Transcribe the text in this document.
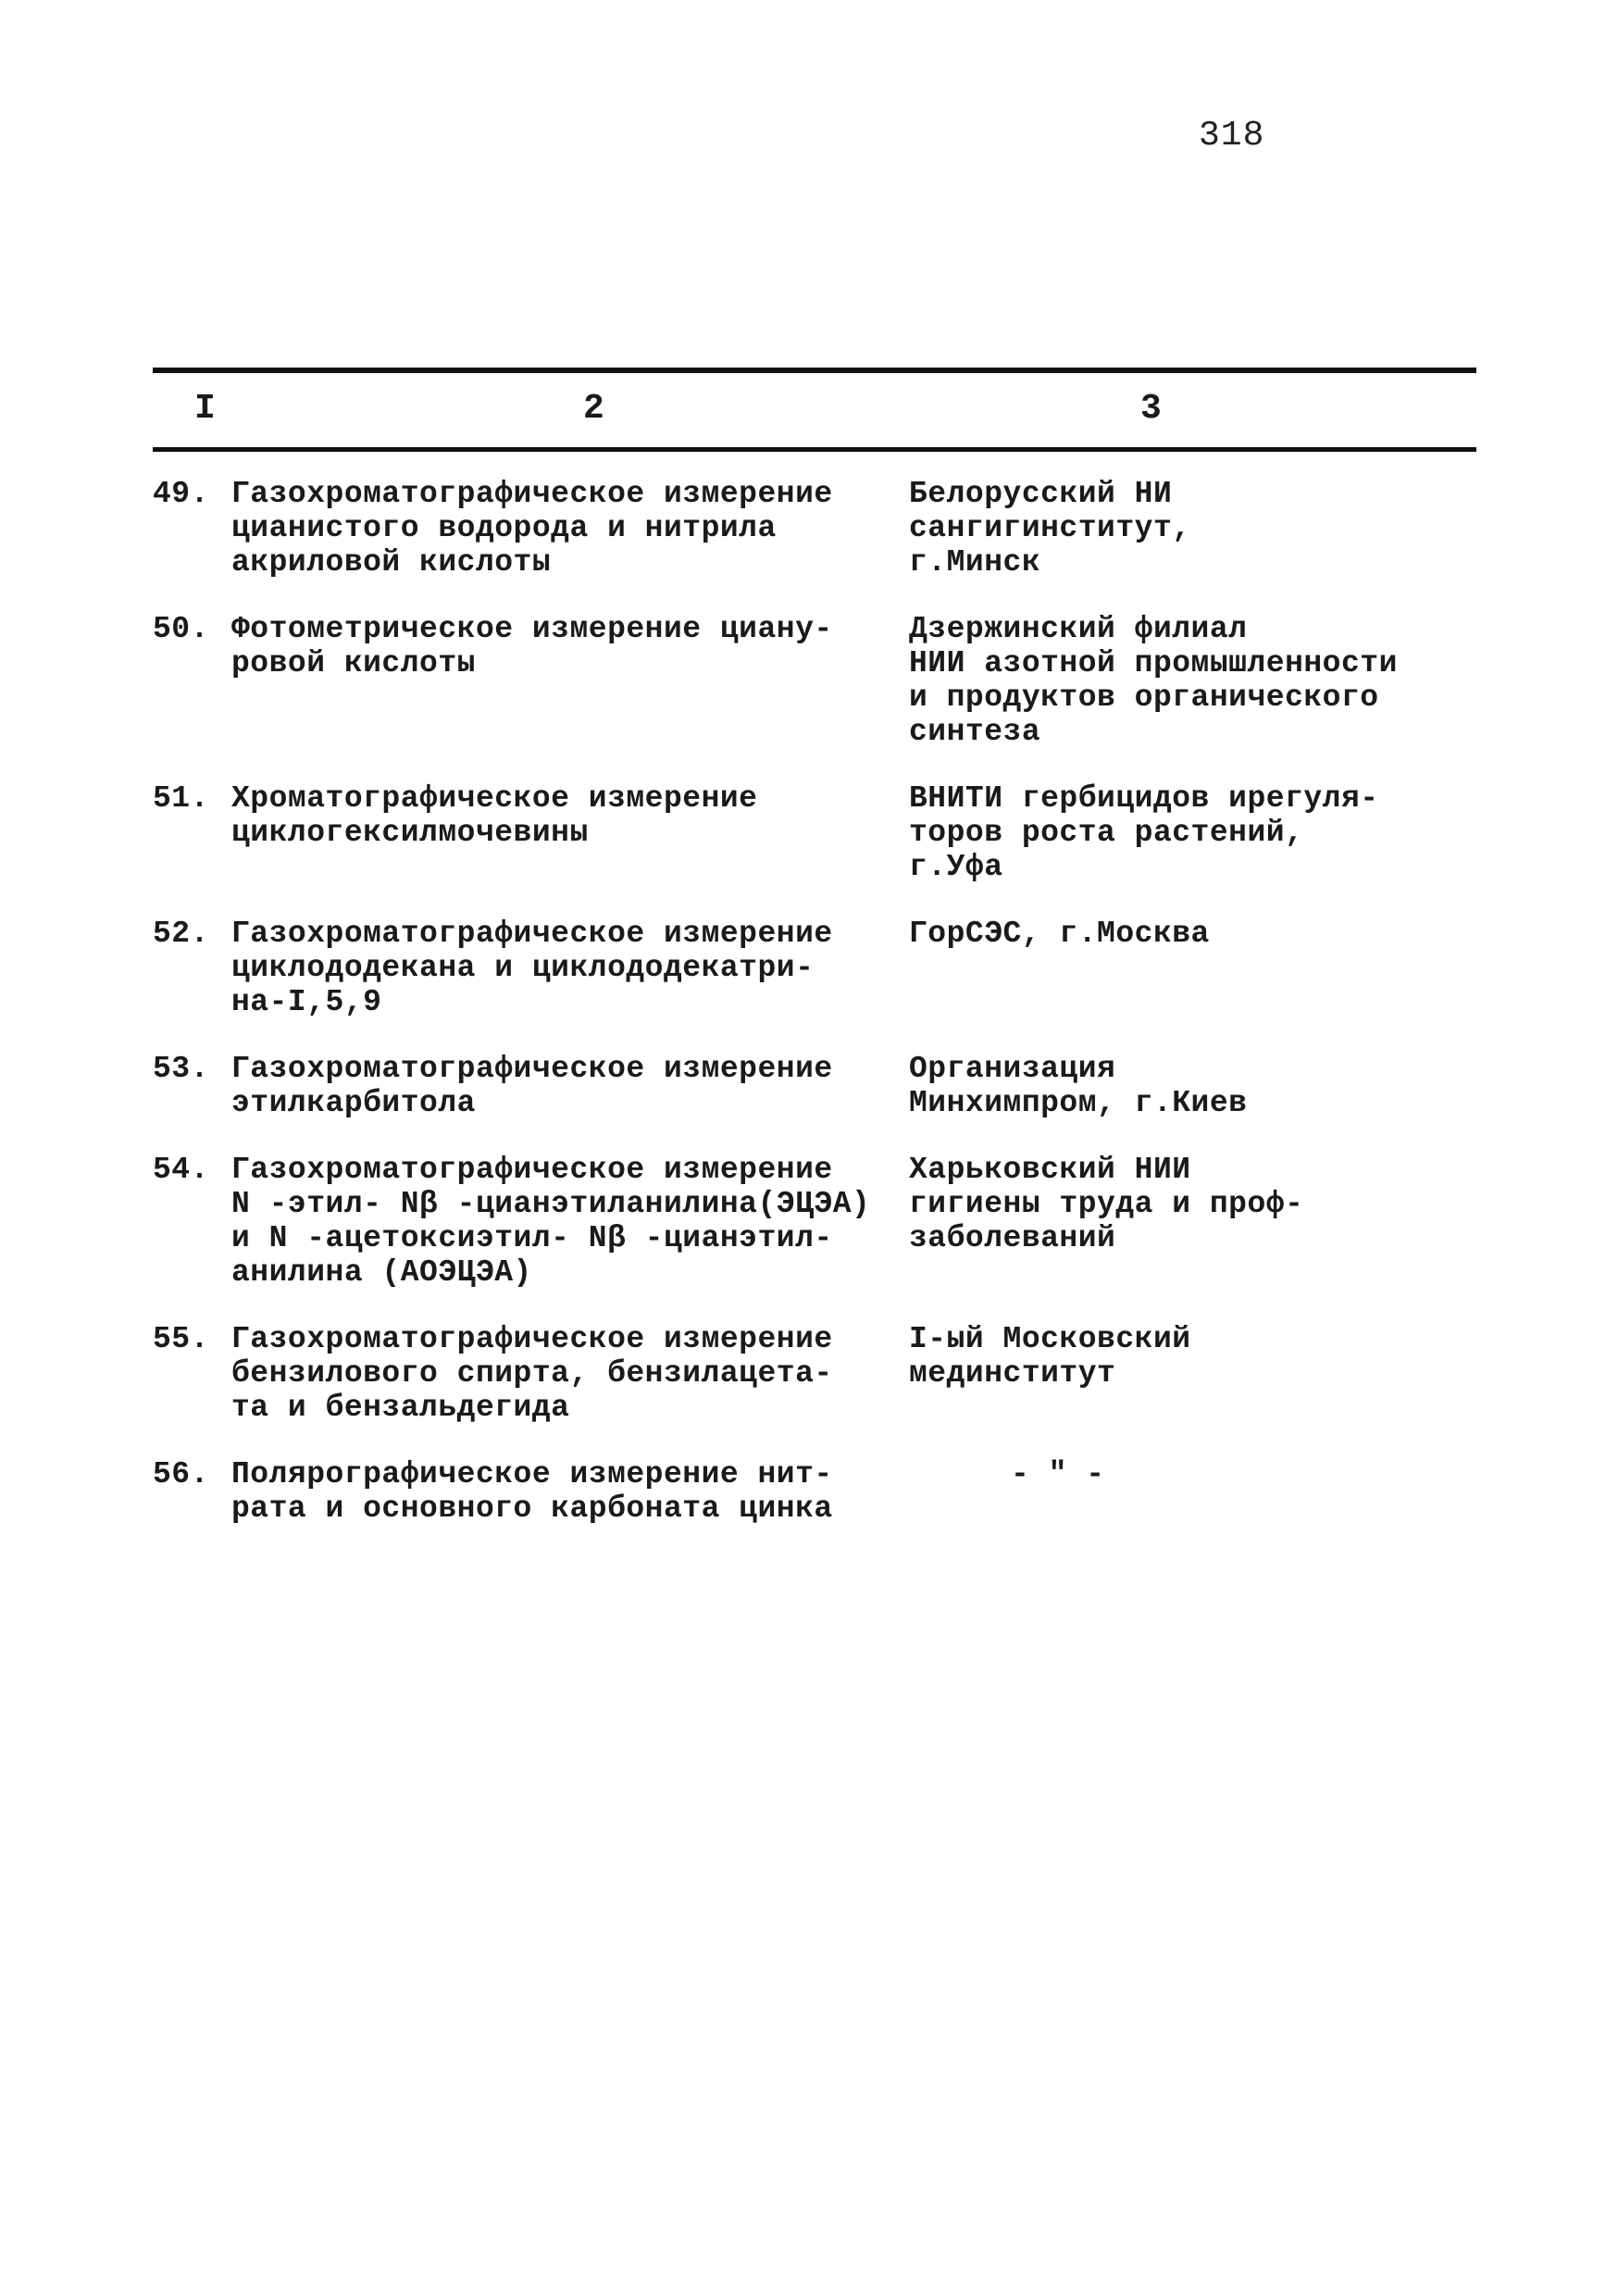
318
I	2	3
49. Газохроматографическое измерение
цианистого водорода и нитрила
акриловой кислоты
Белорусский НИ
сангигинститут,
г.Минск
50. Фотометрическое измерение циану-
ровой кислоты
Дзержинский филиал
НИИ азотной промышленности
и продуктов органического
синтеза
51. Хроматографическое измерение
циклогексилмочевины
ВНИТИ гербицидов ирегуля-
торов роста растений,
г.Уфа
52. Газохроматографическое измерение
циклододекана и циклододекатри-
на-I,5,9
ГорСЭС, г.Москва
53. Газохроматографическое измерение
этилкарбитола
Организация
Минхимпром, г.Киев
54. Газохроматографическое измерение
N -этил- Nβ -цианэтиланилина(ЭЦЭА)
и N -ацетоксиэтил- Nβ -цианэтил-
анилина (АОЭЦЭА)
Харьковский НИИ
гигиены труда и проф-
заболеваний
55. Газохроматографическое измерение
бензилового спирта, бензилацета-
та и бензальдегида
I-ый Московский
мединститут
56. Полярографическое измерение нит-
рата и основного карбоната цинка
- " -
